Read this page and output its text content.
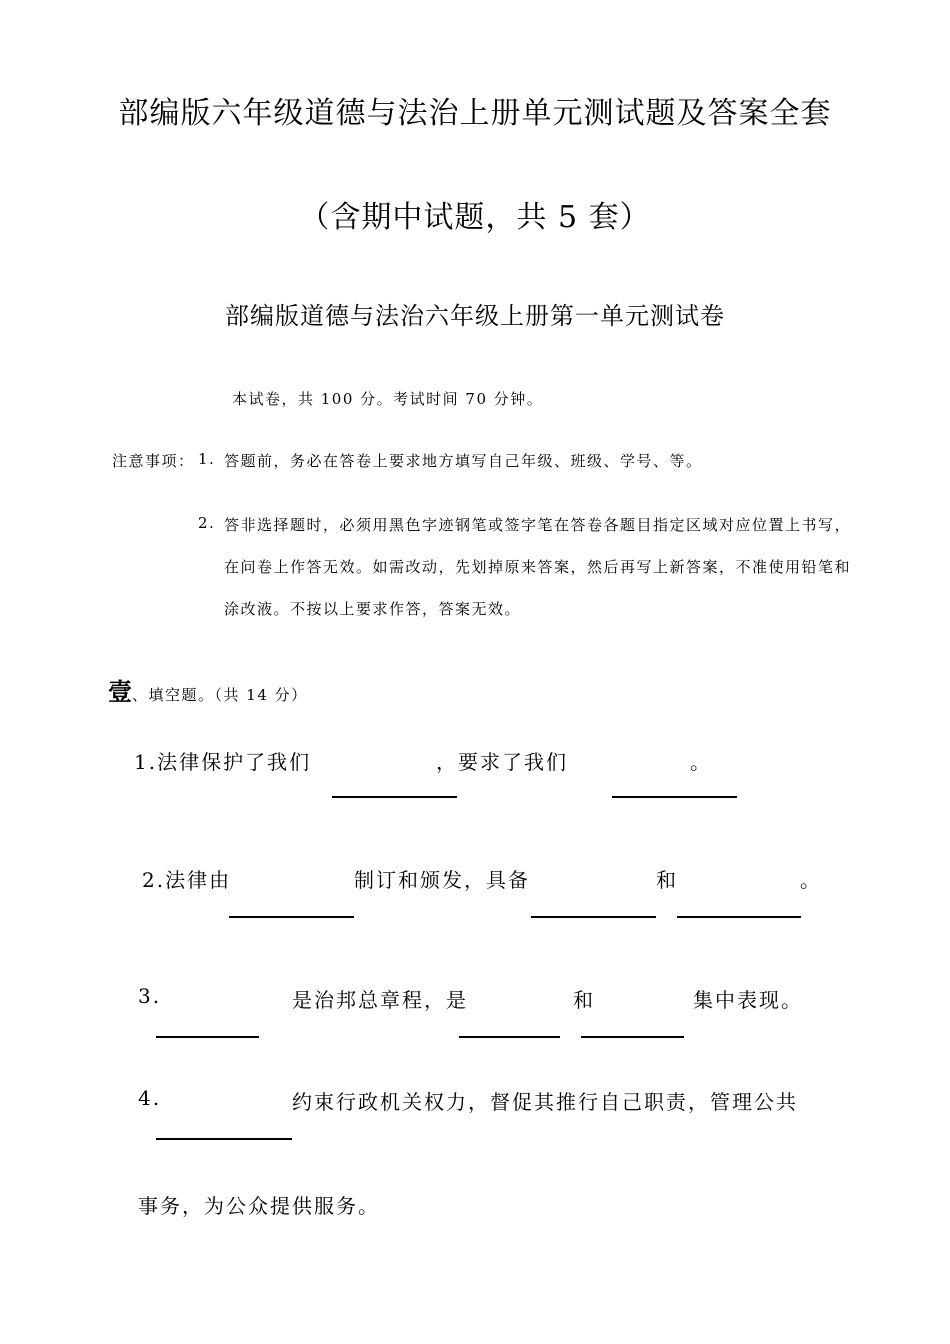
部编版六年级道德与法治上册单元测试题及答案全套
（含期中试题，共 5 套）
部编版道德与法治六年级上册第一单元测试卷
本试卷，共 100 分。考试时间 70 分钟。
注意事项： 1. 答题前，务必在答卷上要求地方填写自己年级、班级、学号、等。
2. 答非选择题时，必须用黑色字迹钢笔或签字笔在答卷各题目指定区域对应位置上书写，
在问卷上作答无效。如需改动，先划掉原来答案，然后再写上新答案，不准使用铅笔和
涂改液。不按以上要求作答，答案无效。
壹、填空题。（共 14 分）
1.法律保护了我们	，要求了我们	。
2.法律由	制订和颁发，具备	和	。
3.	是治邦总章程，是	和	集中表现。
4.	约束行政机关权力，督促其推行自己职责，管理公共
事务，为公众提供服务。
